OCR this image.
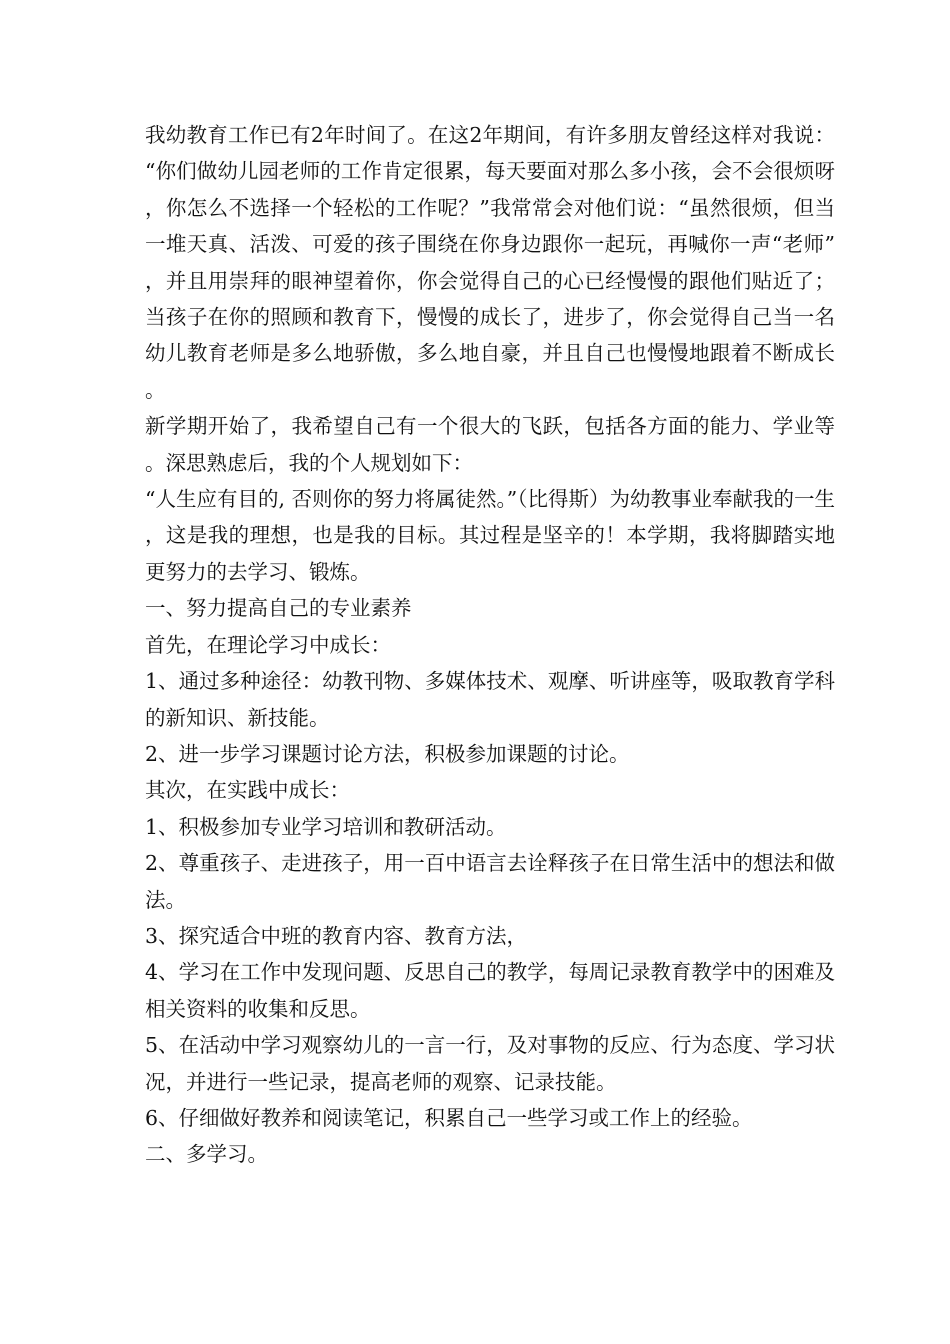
我幼教育工作已有2年时间了。在这2年期间，有许多朋友曾经这样对我说：“你们做幼儿园老师的工作肯定很累，每天要面对那么多小孩，会不会很烦呀，你怎么不选择一个轻松的工作呢？”我常常会对他们说：“虽然很烦，但当一堆天真、活泼、可爱的孩子围绕在你身边跟你一起玩，再喊你一声“老师”，并且用崇拜的眼神望着你，你会觉得自己的心已经慢慢的跟他们贴近了；当孩子在你的照顾和教育下，慢慢的成长了，进步了，你会觉得自己当一名幼儿教育老师是多么地骄傲，多么地自豪，并且自己也慢慢地跟着不断成长。

新学期开始了，我希望自己有一个很大的飞跃，包括各方面的能力、学业等。深思熟虑后，我的个人规划如下：

“人生应有目的, 否则你的努力将属徒然。”（比得斯）为幼教事业奉献我的一生，这是我的理想，也是我的目标。其过程是坚辛的！本学期，我将脚踏实地更努力的去学习、锻炼。

一、努力提高自己的专业素养

首先，在理论学习中成长：

1、通过多种途径：幼教刊物、多媒体技术、观摩、听讲座等，吸取教育学科的新知识、新技能。

2、进一步学习课题讨论方法，积极参加课题的讨论。

其次，在实践中成长：

1、积极参加专业学习培训和教研活动。

2、尊重孩子、走进孩子，用一百中语言去诠释孩子在日常生活中的想法和做法。

3、探究适合中班的教育内容、教育方法，

4、学习在工作中发现问题、反思自己的教学，每周记录教育教学中的困难及相关资料的收集和反思。

5、在活动中学习观察幼儿的一言一行，及对事物的反应、行为态度、学习状况，并进行一些记录，提高老师的观察、记录技能。

6、仔细做好教养和阅读笔记，积累自己一些学习或工作上的经验。

二、多学习。
